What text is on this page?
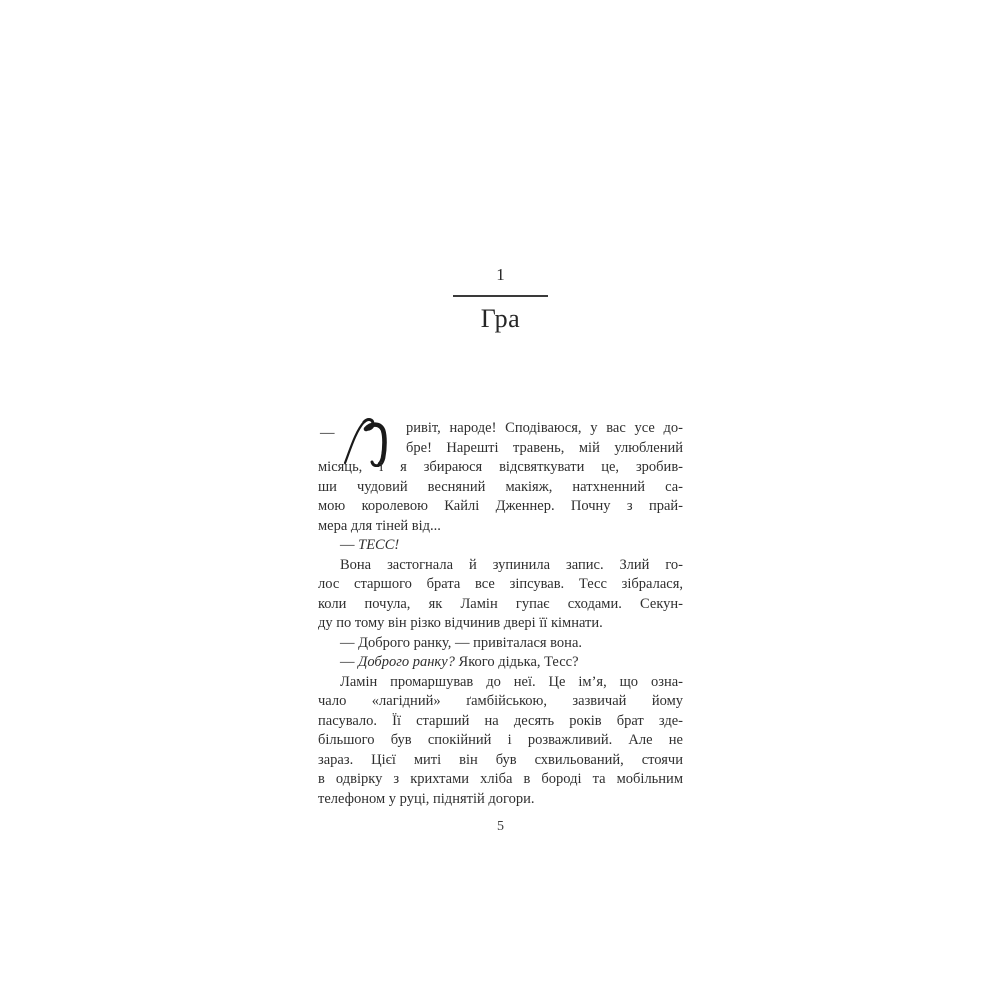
1
Гра
—	ривіт, народе! Сподіваюся, у вас усе до-
бре! Нарешті травень, мій улюблений
місяць, і я збираюся відсвяткувати це, зробив-
ши чудовий весняний макіяж, натхненний са-
мою королевою Кайлі Дженнер. Почну з прай-
мера для тіней від...
— ТЕСС!
Вона застогнала й зупинила запис. Злий го-
лос старшого брата все зіпсував. Тесс зібралася,
коли почула, як Ламін гупає сходами. Секун-
ду по тому він різко відчинив двері її кімнати.
— Доброго ранку, — привіталася вона.
— Доброго ранку? Якого дідька, Тесс?
Ламін промаршував до неї. Це ім’я, що озна-
чало «лагідний» ґамбійською, зазвичай йому
пасувало. Її старший на десять років брат зде-
більшого був спокійний і розважливий. Але не
зараз. Цієї миті він був схвильований, стоячи
в одвірку з крихтами хліба в бороді та мобільним
телефоном у руці, піднятій догори.
5
